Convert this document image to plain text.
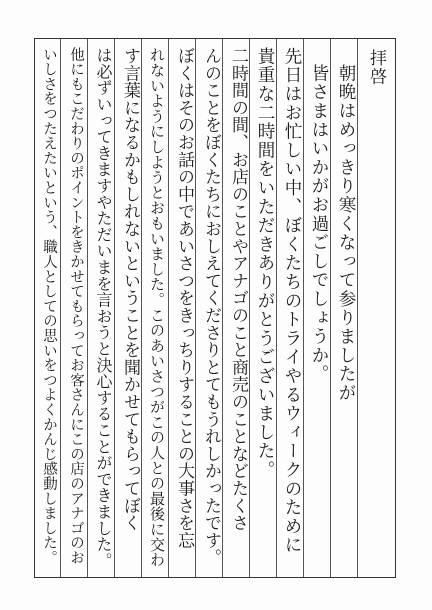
拝啓
朝晩はめっきり寒くなって参りましたが
皆さまはいかがお過ごしでしょうか。
先日はお忙しい中、ぼくたちのトライやるウィークのために
貴重な二時間をいただきありがとうございました。
二時間の間、お店のことやアナゴのこと商売のことなどたくさ
んのことをぼくたちにおしえてくださりとてもうれしかったです。
ぼくはそのお話の中であいさつをきっちりすることの大事さを忘
れないようにしようとおもいました。このあいさつがこの人との最後に交わ
す言葉になるかもしれないということを聞かせてもらってぼく
は必ずいってきますやただいまを言おうと決心することができました。
他にもこだわりのポイントをきかせてもらってお客さんにこの店のアナゴのお
いしさをつたえたいという、職人としての思いをつよくかんじ感動しました。
